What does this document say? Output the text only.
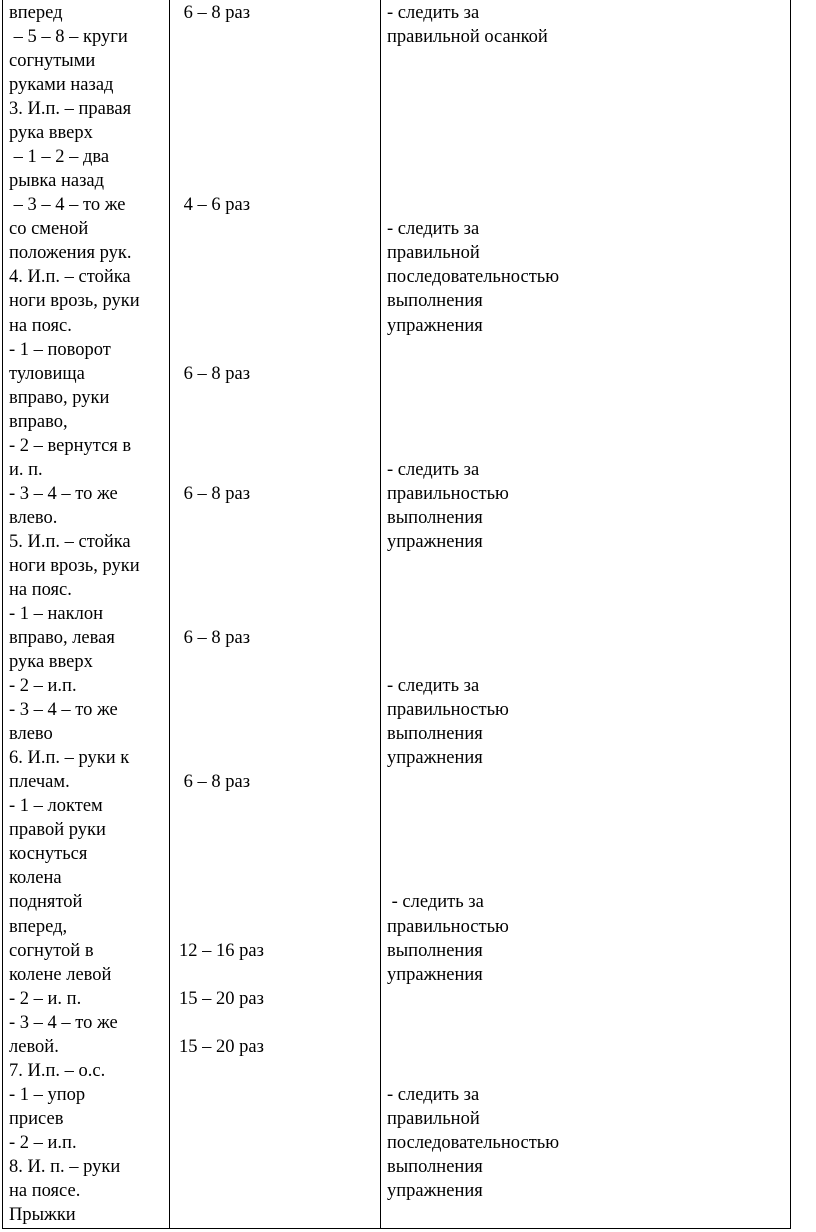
вперед

– 5 – 8 – круги

согнутыми

руками назад

3. И.п. – правая

рука вверх

– 1 – 2 – два

рывка назад

– 3 – 4 – то же

со сменой

положения рук.

4. И.п. – стойка

ноги врозь, руки

на пояс.

- 1 – поворот

туловища

вправо, руки

вправо,

- 2 – вернутся в

и. п.

- 3 – 4 – то же

влево.

5. И.п. – стойка

ноги врозь, руки

на пояс.

- 1 – наклон

вправо, левая

рука вверх

- 2 – и.п.

- 3 – 4 – то же

влево

6. И.п. – руки к

плечам.

- 1 – локтем

правой руки

коснуться

колена

поднятой

вперед,

согнутой в

колене левой

- 2 – и. п.

- 3 – 4 – то же

левой.

7. И.п. – о.с.

- 1 – упор

присев

- 2 – и.п.

8. И. п. – руки

на поясе.

Прыжки

6 – 8 раз

4 – 6 раз

6 – 8 раз

6 – 8 раз

6 – 8 раз

6 – 8 раз

12 – 16 раз

15 – 20 раз

15 – 20 раз

- следить за

правильной осанкой

- следить за

правильной

последовательностью

выполнения

упражнения

- следить за

правильностью

выполнения

упражнения

- следить за

правильностью

выполнения

упражнения

- следить за

правильностью

выполнения

упражнения

- следить за

правильной

последовательностью

выполнения

упражнения
